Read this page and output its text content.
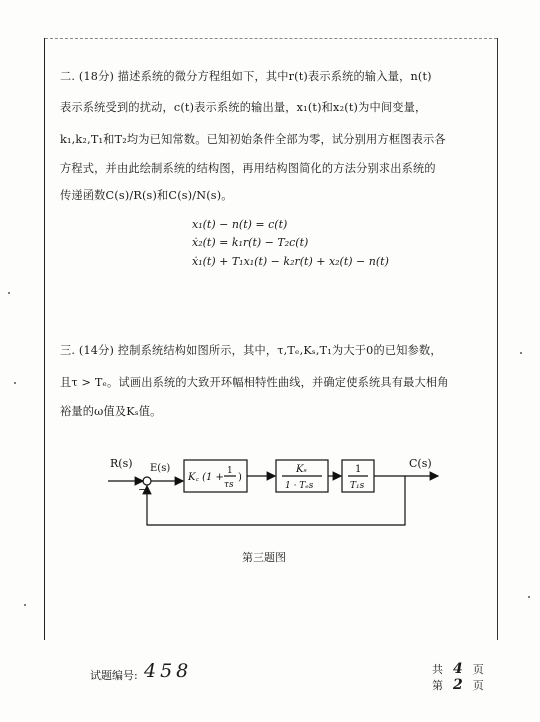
二. (18分) 描述系统的微分方程组如下，其中r(t)表示系统的输入量，n(t)
表示系统受到的扰动，c(t)表示系统的输出量，x₁(t)和x₂(t)为中间变量，
k₁,k₂,T₁和T₂均为已知常数。已知初始条件全部为零，试分别用方框图表示各
方程式，并由此绘制系统的结构图，再用结构图简化的方法分别求出系统的
传递函数C(s)/R(s)和C(s)/N(s)。
x₁(t) − n(t) = c(t)
ẋ₂(t) = k₁r(t) − T₂c(t)
ẋ₁(t) + T₁x₁(t) − k₂r(t) + x₂(t) − n(t)
三. (14分) 控制系统结构如图所示，其中，τ,Tₑ,Kₛ,T₁为大于0的已知参数，
且τ > Tₑ。试画出系统的大致开环幅相特性曲线，并确定使系统具有最大相角
裕量的ω值及Kₛ值。
R(s) E(s)
−
C(s)
K꜀ (1 +
1
τs
)
Kₛ
1 · Tₑs
1
T₁s
第三题图
试题编号: 458	共 4 页
第 2 页
